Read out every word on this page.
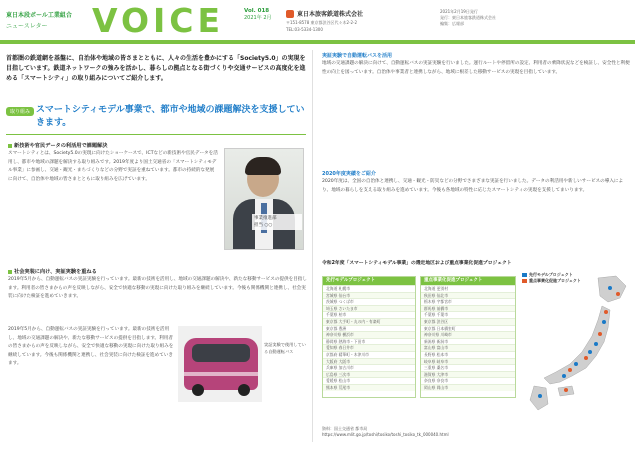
東日本段ボール工業組合
ニュースレター	VOICE	Vol. 018
2021年 2月	東日本旅客鉄道株式会社
〒151-8578 東京都渋谷区代々木2-2-2
TEL:03-5334-1300
2021年2月19日発行
発行：東日本旅客鉄道株式会社
編集：広報部
首都圏の鉄道網を基盤に、自治体や地域の皆さまとともに、人々の生活を豊かにする「Society5.0」の実現を目指しています。鉄道ネットワークの強みを活かし、暮らしの拠点となる街づくりや交通サービスの高度化を進める「スマートシティ」の取り組みについてご紹介します。
取り組み スマートシティモデル事業で、都市や地域の課題解決を支援していきます。
新技術や官民データの利活用で課題解決
スマートシティとは、Society5.0の実現に向けたショーケースで、ICTなどの新技術や官民データを活用し、都市や地域の課題を解決する取り組みです。2019年度より国土交通省の「スマートシティモデル事業」に参画し、交通・観光・まちづくりなどの分野で実証を重ねています。都市の持続的な発展に向けて、自治体や地域の皆さまとともに取り組みを広げています。
事業推進部
担当 ○○
社会実装に向け、実証実験を重ねる
2019年5月から、自動運転バスの実証実験を行っています。最新の技術を活用し、地域の交通課題の解決や、新たな移動サービスの提供を目指します。利用者の皆さまからの声を反映しながら、安全で快適な移動の実現に向けた取り組みを継続しています。今後も関係機関と連携し、社会実装に向けた検証を進めていきます。
2019年5月から、自動運転バスの実証実験を行っています。最新の技術を活用し、地域の交通課題の解決や、新たな移動サービスの提供を目指します。利用者の皆さまからの声を反映しながら、安全で快適な移動の実現に向けた取り組みを継続しています。今後も関係機関と連携し、社会実装に向けた検証を進めていきます。
実証実験で使用している自動運転バス
実証実験で自動運転バスを活用
地域の交通課題の解決に向けて、自動運転バスの実証実験を行いました。運行ルートや停留所の設定、利用者の乗降状況などを検証し、安全性と利便性の向上を図っています。自治体や事業者と連携しながら、地域に根差した移動サービスの実現を目指しています。
2020年度実績をご紹介
2020年度は、全国の自治体と連携し、交通・観光・防災などの分野でさまざまな実証を行いました。データの利活用や新しいサービスの導入により、地域の暮らしを支える取り組みを進めています。今後も各地域の特性に応じたスマートシティの実現を支援してまいります。
令和2年度「スマートシティモデル事業」の選定地区および重点事業化促進プロジェクト
先行モデルプロジェクト
北海道 札幌市
宮城県 仙台市
茨城県 つくば市
埼玉県 さいたま市
千葉県 柏市
東京都 大手町・丸の内・有楽町
東京都 豊洲
神奈川県 横浜市
静岡県 熱海市・下田市
愛知県 春日井市
京都府 精華町・木津川市
大阪府 大阪市
兵庫県 加古川市
広島県 三次市
愛媛県 松山市
熊本県 荒尾市
重点事業化促進プロジェクト
北海道 更別村
秋田県 仙北市
栃木県 宇都宮市
群馬県 前橋市
千葉県 千葉市
東京都 渋谷区
東京都 日本橋室町
神奈川県 川崎市
新潟県 新潟市
富山県 富山市
長野県 松本市
岐阜県 岐阜市
三重県 桑名市
滋賀県 大津市
奈良県 奈良市
岡山県 岡山市
先行モデルプロジェクト
重点事業化促進プロジェクト
資料：国土交通省 都市局
https://www.mlit.go.jp/toshi/tosiko/toshi_tosiko_tk_000040.html
